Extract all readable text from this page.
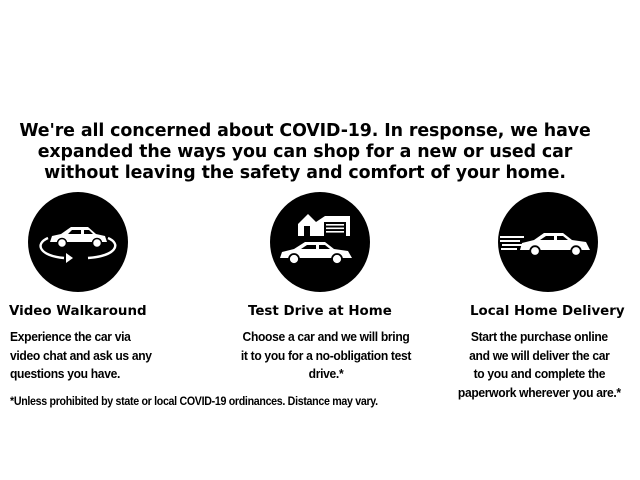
We're all concerned about COVID-19. In response, we have expanded the ways you can shop for a new or used car without leaving the safety and comfort of your home.
Video Walkaround	Test Drive at Home	Local Home Delivery
Experience the car via
video chat and ask us any
questions you have.
Choose a car and we will bring
it to you for a no-obligation test
drive.*
Start the purchase online
and we will deliver the car
to you and complete the
paperwork wherever you are.*
*Unless prohibited by state or local COVID-19 ordinances. Distance may vary.
